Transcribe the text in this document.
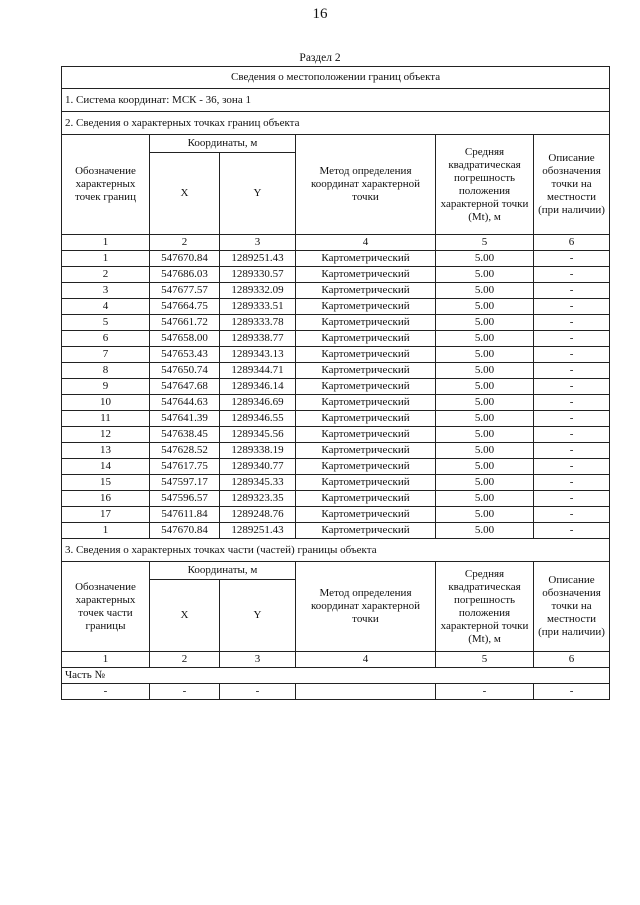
16
Раздел 2
Сведения о местоположении границ объекта					
1. Система координат: МСК - 36, зона 1					
2. Сведения о характерных точках границ объекта					
Обозначение характерных точек границ	Координаты, м		Метод определения координат характерной точки	Средняя квадратическая погрешность положения характерной точки (Mt), м	Описание обозначения точки на местности (при наличии)
	X	Y			
1	2	3	4	5	6
1	547670.84	1289251.43	Картометрический	5.00	-
2	547686.03	1289330.57	Картометрический	5.00	-
3	547677.57	1289332.09	Картометрический	5.00	-
4	547664.75	1289333.51	Картометрический	5.00	-
5	547661.72	1289333.78	Картометрический	5.00	-
6	547658.00	1289338.77	Картометрический	5.00	-
7	547653.43	1289343.13	Картометрический	5.00	-
8	547650.74	1289344.71	Картометрический	5.00	-
9	547647.68	1289346.14	Картометрический	5.00	-
10	547644.63	1289346.69	Картометрический	5.00	-
11	547641.39	1289346.55	Картометрический	5.00	-
12	547638.45	1289345.56	Картометрический	5.00	-
13	547628.52	1289338.19	Картометрический	5.00	-
14	547617.75	1289340.77	Картометрический	5.00	-
15	547597.17	1289345.33	Картометрический	5.00	-
16	547596.57	1289323.35	Картометрический	5.00	-
17	547611.84	1289248.76	Картометрический	5.00	-
1	547670.84	1289251.43	Картометрический	5.00	-
3. Сведения о характерных точках части (частей) границы объекта					
Обозначение характерных точек части границы	Координаты, м		Метод определения координат характерной точки	Средняя квадратическая погрешность положения характерной точки (Mt), м	Описание обозначения точки на местности (при наличии)
	X	Y			
1	2	3	4	5	6
Часть №					
-	-	-		-	-
